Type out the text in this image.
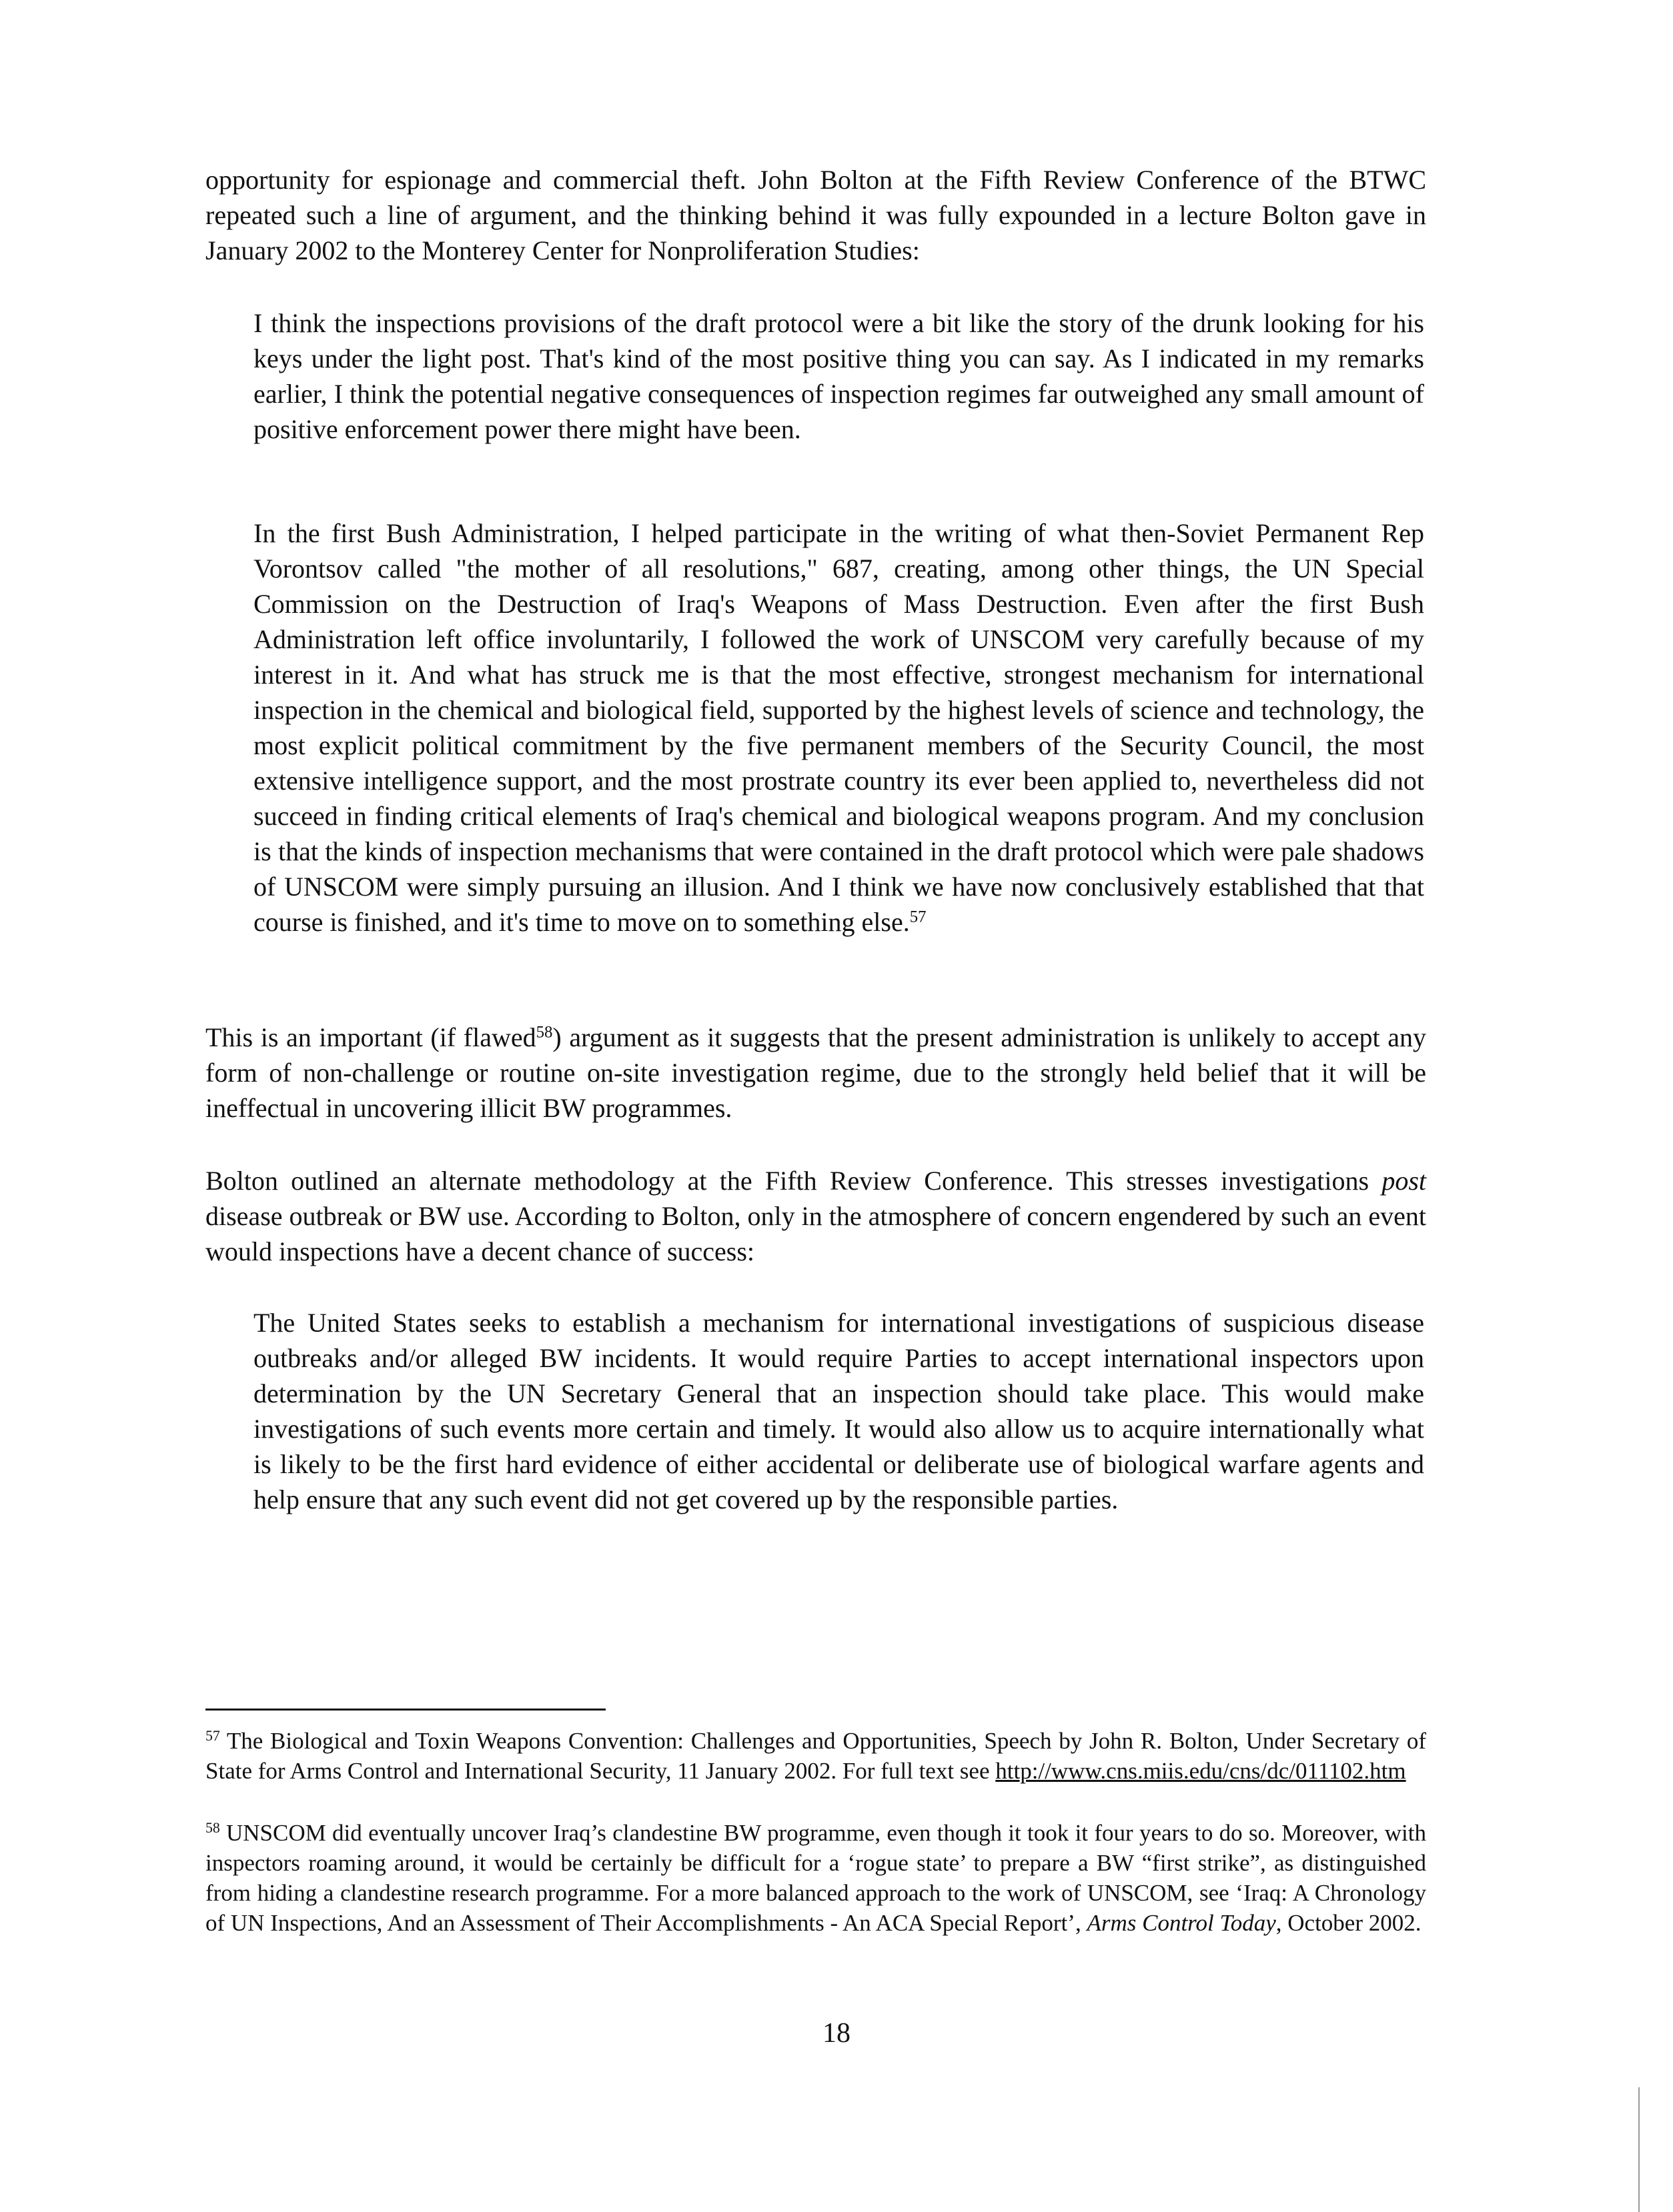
opportunity for espionage and commercial theft. John Bolton at the Fifth Review Conference of the BTWC repeated such a line of argument, and the thinking behind it was fully expounded in a lecture Bolton gave in January 2002 to the Monterey Center for Nonproliferation Studies:

I think the inspections provisions of the draft protocol were a bit like the story of the drunk looking for his keys under the light post. That's kind of the most positive thing you can say. As I indicated in my remarks earlier, I think the potential negative consequences of inspection regimes far outweighed any small amount of positive enforcement power there might have been.

In the first Bush Administration, I helped participate in the writing of what then-Soviet Permanent Rep Vorontsov called "the mother of all resolutions," 687, creating, among other things, the UN Special Commission on the Destruction of Iraq's Weapons of Mass Destruction. Even after the first Bush Administration left office involuntarily, I followed the work of UNSCOM very carefully because of my interest in it. And what has struck me is that the most effective, strongest mechanism for international inspection in the chemical and biological field, supported by the highest levels of science and technology, the most explicit political commitment by the five permanent members of the Security Council, the most extensive intelligence support, and the most prostrate country its ever been applied to, nevertheless did not succeed in finding critical elements of Iraq's chemical and biological weapons program. And my conclusion is that the kinds of inspection mechanisms that were contained in the draft protocol which were pale shadows of UNSCOM were simply pursuing an illusion. And I think we have now conclusively established that that course is finished, and it's time to move on to something else.$^{57}$

This is an important (if flawed$^{58}$) argument as it suggests that the present administration is unlikely to accept any form of non-challenge or routine on-site investigation regime, due to the strongly held belief that it will be ineffectual in uncovering illicit BW programmes.

Bolton outlined an alternate methodology at the Fifth Review Conference. This stresses investigations post disease outbreak or BW use. According to Bolton, only in the atmosphere of concern engendered by such an event would inspections have a decent chance of success:

The United States seeks to establish a mechanism for international investigations of suspicious disease outbreaks and/or alleged BW incidents. It would require Parties to accept international inspectors upon determination by the UN Secretary General that an inspection should take place. This would make investigations of such events more certain and timely. It would also allow us to acquire internationally what is likely to be the first hard evidence of either accidental or deliberate use of biological warfare agents and help ensure that any such event did not get covered up by the responsible parties.

$^{57}$ The Biological and Toxin Weapons Convention: Challenges and Opportunities, Speech by John R. Bolton, Under Secretary of State for Arms Control and International Security, 11 January 2002. For full text see http://www.cns.miis.edu/cns/dc/011102.htm

$^{58}$ UNSCOM did eventually uncover Iraq’s clandestine BW programme, even though it took it four years to do so. Moreover, with inspectors roaming around, it would be certainly be difficult for a ‘rogue state’ to prepare a BW “first strike”, as distinguished from hiding a clandestine research programme. For a more balanced approach to the work of UNSCOM, see ‘Iraq: A Chronology of UN Inspections, And an Assessment of Their Accomplishments - An ACA Special Report’, Arms Control Today, October 2002.

18
